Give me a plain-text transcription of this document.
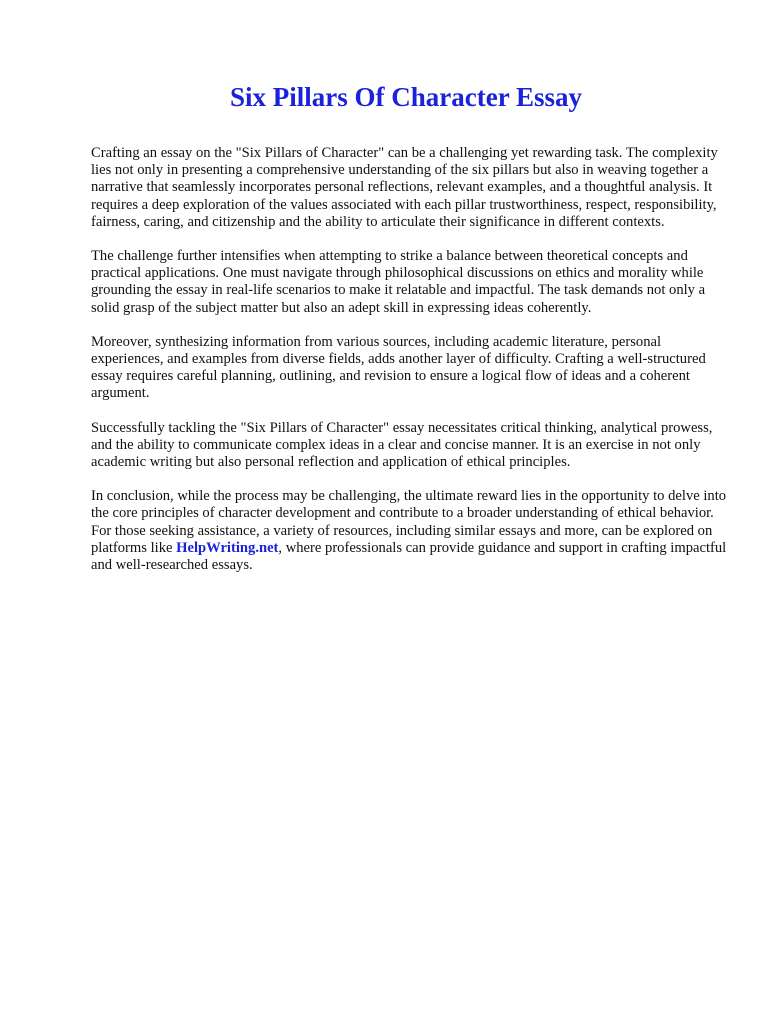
Six Pillars Of Character Essay

Crafting an essay on the "Six Pillars of Character" can be a challenging yet rewarding task. The complexity lies not only in presenting a comprehensive understanding of the six pillars but also in weaving together a narrative that seamlessly incorporates personal reflections, relevant examples, and a thoughtful analysis. It requires a deep exploration of the values associated with each pillar trustworthiness, respect, responsibility, fairness, caring, and citizenship and the ability to articulate their significance in different contexts.

The challenge further intensifies when attempting to strike a balance between theoretical concepts and practical applications. One must navigate through philosophical discussions on ethics and morality while grounding the essay in real-life scenarios to make it relatable and impactful. The task demands not only a solid grasp of the subject matter but also an adept skill in expressing ideas coherently.

Moreover, synthesizing information from various sources, including academic literature, personal experiences, and examples from diverse fields, adds another layer of difficulty. Crafting a well-structured essay requires careful planning, outlining, and revision to ensure a logical flow of ideas and a coherent argument.

Successfully tackling the "Six Pillars of Character" essay necessitates critical thinking, analytical prowess, and the ability to communicate complex ideas in a clear and concise manner. It is an exercise in not only academic writing but also personal reflection and application of ethical principles.

In conclusion, while the process may be challenging, the ultimate reward lies in the opportunity to delve into the core principles of character development and contribute to a broader understanding of ethical behavior. For those seeking assistance, a variety of resources, including similar essays and more, can be explored on platforms like HelpWriting.net, where professionals can provide guidance and support in crafting impactful and well-researched essays.
